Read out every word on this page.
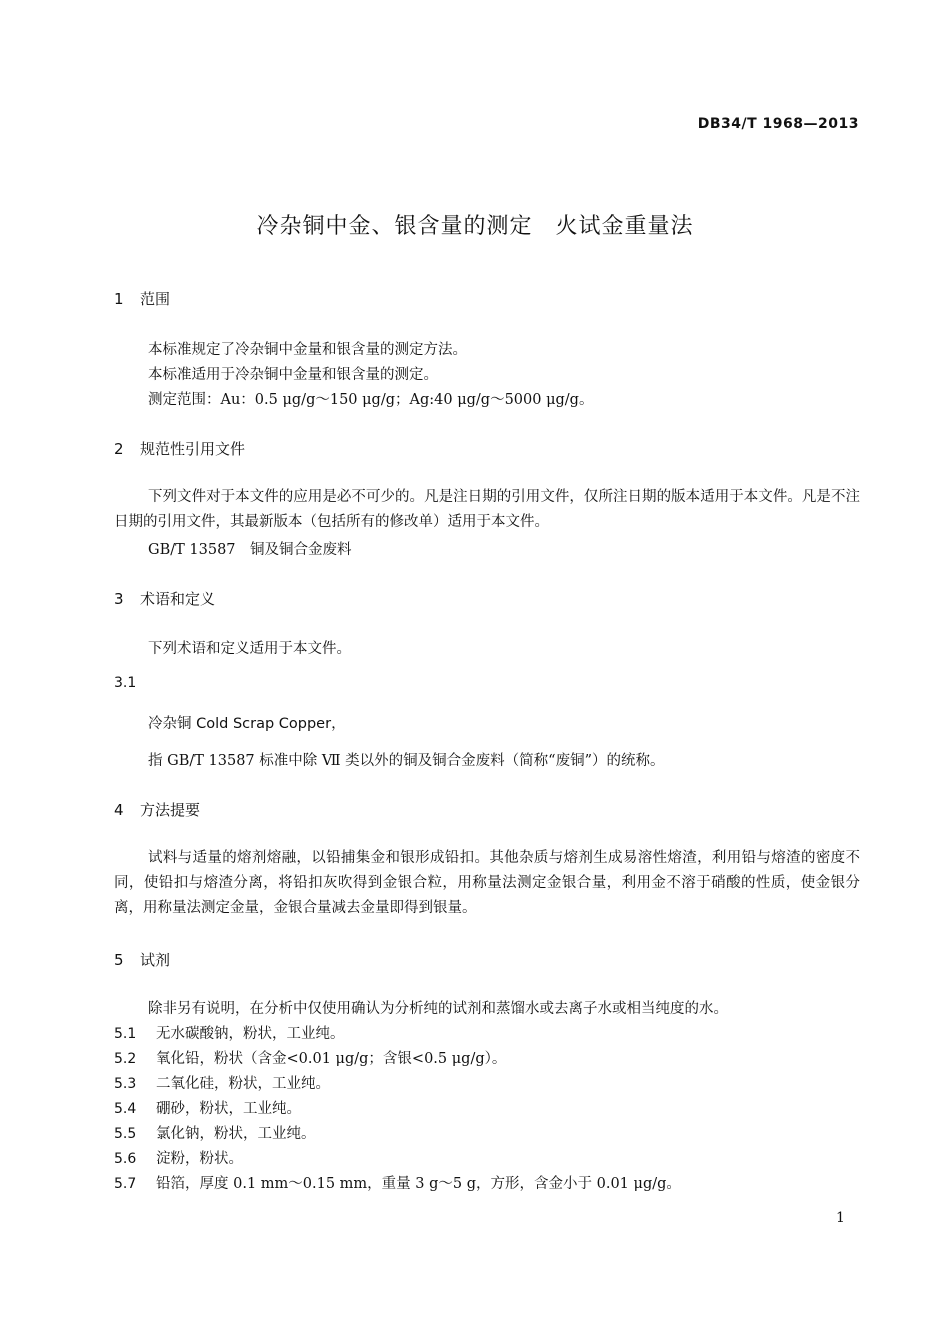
DB34/T 1968—2013
冷杂铜中金、银含量的测定　火试金重量法
1 范围
本标准规定了冷杂铜中金量和银含量的测定方法。
本标准适用于冷杂铜中金量和银含量的测定。
测定范围：Au：0.5 μg/g～150 μg/g；Ag:40 μg/g～5000 μg/g。
2 规范性引用文件
下列文件对于本文件的应用是必不可少的。凡是注日期的引用文件，仅所注日期的版本适用于本文件。凡是不注日期的引用文件，其最新版本（包括所有的修改单）适用于本文件。
GB/T 13587　铜及铜合金废料
3 术语和定义
下列术语和定义适用于本文件。
3.1
冷杂铜 Cold Scrap Copper，
指 GB/T 13587 标准中除 Ⅶ 类以外的铜及铜合金废料（简称“废铜”）的统称。
4 方法提要
试料与适量的熔剂熔融，以铅捕集金和银形成铅扣。其他杂质与熔剂生成易溶性熔渣，利用铅与熔渣的密度不同，使铅扣与熔渣分离，将铅扣灰吹得到金银合粒，用称量法测定金银合量，利用金不溶于硝酸的性质，使金银分离，用称量法测定金量，金银合量减去金量即得到银量。
5 试剂
除非另有说明，在分析中仅使用确认为分析纯的试剂和蒸馏水或去离子水或相当纯度的水。
5.1 无水碳酸钠，粉状，工业纯。
5.2 氧化铅，粉状（含金<0.01 μg/g；含银<0.5 μg/g）。
5.3 二氧化硅，粉状，工业纯。
5.4 硼砂，粉状，工业纯。
5.5 氯化钠，粉状，工业纯。
5.6 淀粉，粉状。
5.7 铅箔，厚度 0.1 mm～0.15 mm，重量 3 g～5 g，方形，含金小于 0.01 μg/g。
1
